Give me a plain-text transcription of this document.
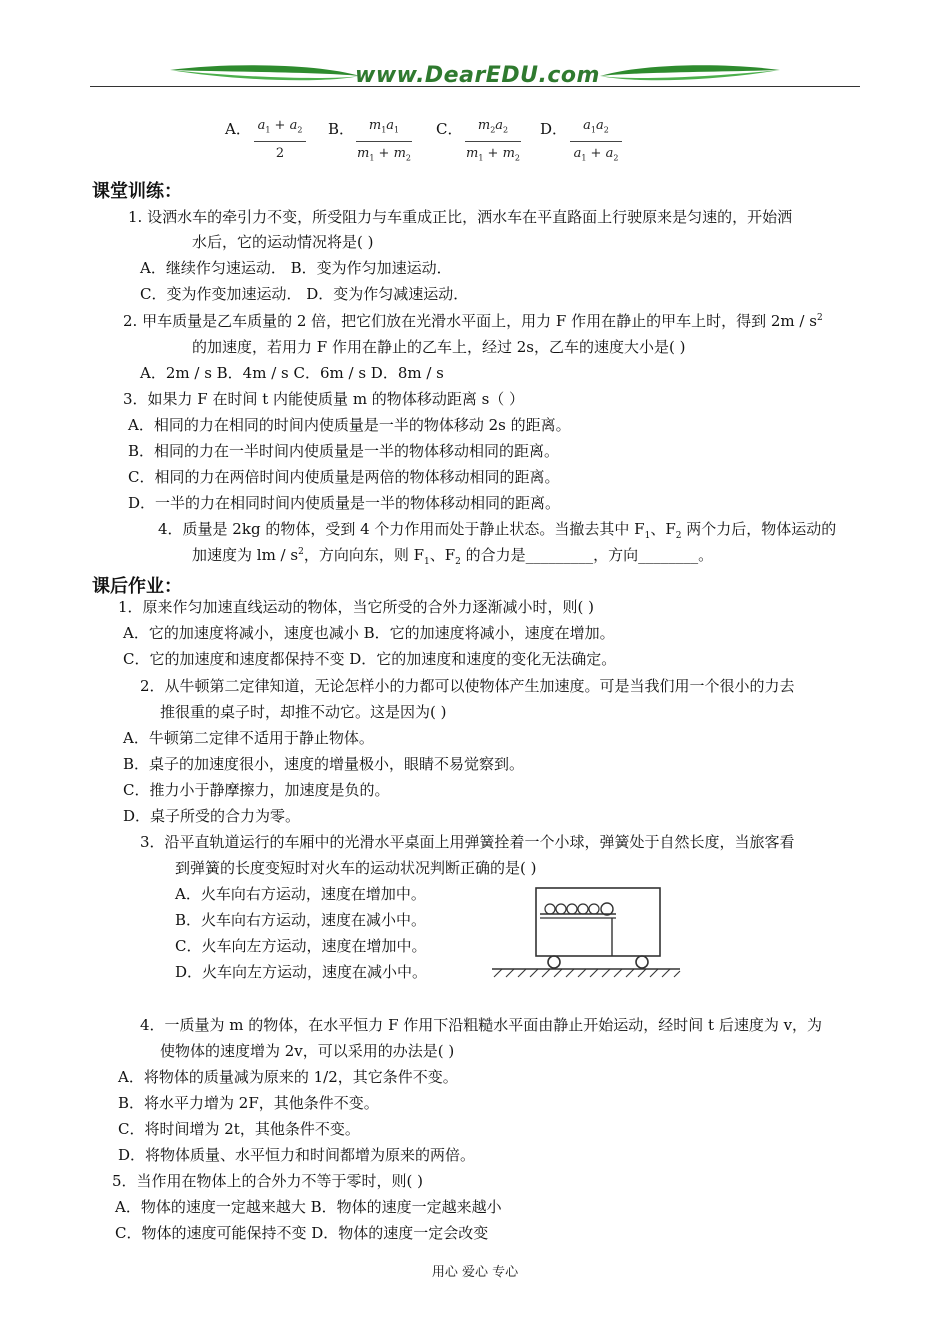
www.DearEDU.com
A． $a_1 + a_2$
2
B．	$m_1a_1$
$m_1 + m_2$
C．	$m_2a_2$
$m_1 + m_2$
D．	$a_1a_2$
$a_1 + a_2$
课堂训练：
1. 设洒水车的牵引力不变，所受阻力与车重成正比，洒水车在平直路面上行驶原来是匀速的，开始洒
水后，它的运动情况将是( )
A．继续作匀速运动． B．变为作匀加速运动．
C．变为作变加速运动． D．变为作匀减速运动．
2. 甲车质量是乙车质量的 2 倍，把它们放在光滑水平面上，用力 F 作用在静止的甲车上时，得到 $2m / s^2$
的加速度，若用力 F 作用在静止的乙车上，经过 2s，乙车的速度大小是( )
A．2m / s B．4m / s C．6m / s D．8m / s
3．如果力 F 在时间 t 内能使质量 m 的物体移动距离 s（ ）
A．相同的力在相同的时间内使质量是一半的物体移动 2s 的距离。
B．相同的力在一半时间内使质量是一半的物体移动相同的距离。
C．相同的力在两倍时间内使质量是两倍的物体移动相同的距离。
D．一半的力在相同时间内使质量是一半的物体移动相同的距离。
4．质量是 2kg 的物体，受到 4 个力作用而处于静止状态。当撤去其中 $F_1$、$F_2$ 两个力后，物体运动的
加速度为 lm / $s^2$，方向向东，则 $F_1$、$F_2$ 的合力是_________，方向________。
课后作业：
1．原来作匀加速直线运动的物体，当它所受的合外力逐渐减小时，则( )
A．它的加速度将减小，速度也减小 B．它的加速度将减小，速度在增加。
C．它的加速度和速度都保持不变 D．它的加速度和速度的变化无法确定。
2．从牛顿第二定律知道，无论怎样小的力都可以使物体产生加速度。可是当我们用一个很小的力去
推很重的桌子时，却推不动它。这是因为( )
A．牛顿第二定律不适用于静止物体。
B．桌子的加速度很小，速度的增量极小，眼睛不易觉察到。
C．推力小于静摩擦力，加速度是负的。
D．桌子所受的合力为零。
3．沿平直轨道运行的车厢中的光滑水平桌面上用弹簧拴着一个小球，弹簧处于自然长度，当旅客看
到弹簧的长度变短时对火车的运动状况判断正确的是( )
A．火车向右方运动，速度在增加中。
B．火车向右方运动，速度在减小中。
C．火车向左方运动，速度在增加中。
D．火车向左方运动，速度在减小中。
4．一质量为 m 的物体，在水平恒力 F 作用下沿粗糙水平面由静止开始运动，经时间 t 后速度为 v，为
使物体的速度增为 2v，可以采用的办法是( )
A．将物体的质量减为原来的 1/2，其它条件不变。
B．将水平力增为 2F，其他条件不变。
C．将时间增为 2t，其他条件不变。
D．将物体质量、水平恒力和时间都增为原来的两倍。
5．当作用在物体上的合外力不等于零时，则( )
A．物体的速度一定越来越大 B．物体的速度一定越来越小
C．物体的速度可能保持不变 D．物体的速度一定会改变
用心 爱心 专心
